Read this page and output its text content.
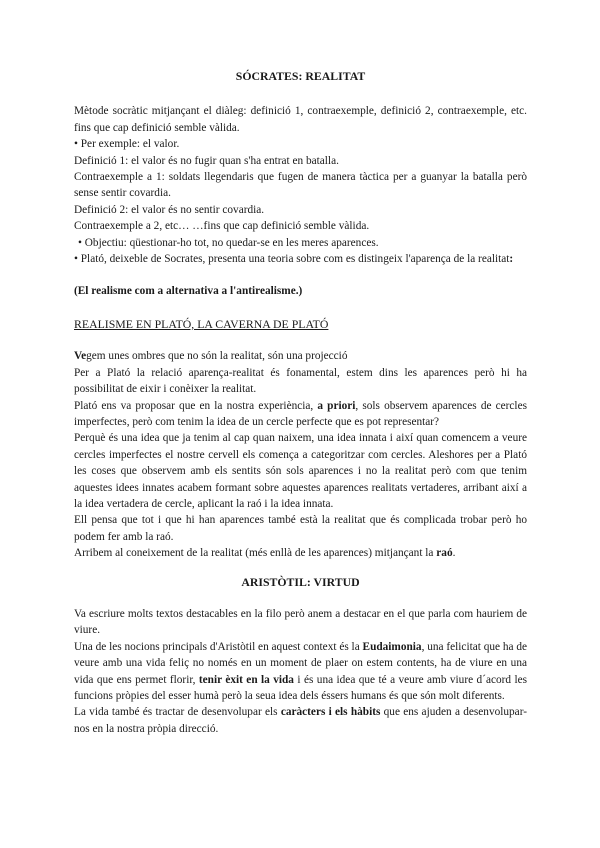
SÓCRATES: REALITAT

Mètode socràtic mitjançant el diàleg: definició 1, contraexemple, definició 2, contraexemple, etc. fins que cap definició semble vàlida.

• Per exemple: el valor.

Definició 1: el valor és no fugir quan s'ha entrat en batalla.

Contraexemple a 1: soldats llegendaris que fugen de manera tàctica per a guanyar la batalla però sense sentir covardia.

Definició 2: el valor és no sentir covardia.

Contraexemple a 2, etc… …fins que cap definició semble vàlida.

• Objectiu: qüestionar-ho tot, no quedar-se en les meres aparences.

• Plató, deixeble de Socrates, presenta una teoria sobre com es distingeix l'aparença de la realitat:

(El realisme com a alternativa a l'antirealisme.)

REALISME EN PLATÓ, LA CAVERNA DE PLATÓ

Vegem unes ombres que no són la realitat, són una projecció

Per a Plató la relació aparença-realitat és fonamental, estem dins les aparences però hi ha possibilitat de eixir i conèixer la realitat.

Plató ens va proposar que en la nostra experiència, a priori, sols observem aparences de cercles imperfectes, però com tenim la idea de un cercle perfecte que es pot representar?

Perquè és una idea que ja tenim al cap quan naixem, una idea innata i així quan comencem a veure cercles imperfectes el nostre cervell els comença a categoritzar com cercles. Aleshores per a Plató les coses que observem amb els sentits són sols aparences i no la realitat però com que tenim aquestes idees innates acabem formant sobre aquestes aparences realitats vertaderes, arribant així a la idea vertadera de cercle, aplicant la raó i la idea innata.

Ell pensa que tot i que hi han aparences també està la realitat que és complicada trobar però ho podem fer amb la raó.

Arribem al coneixement de la realitat (més enllà de les aparences) mitjançant la raó.

ARISTÒTIL: VIRTUD

Va escriure molts textos destacables en la filo però anem a destacar en el que parla com hauriem de viure.

Una de les nocions principals d'Aristòtil en aquest context és la Eudaimonia, una felicitat que ha de veure amb una vida feliç no només en un moment de plaer on estem contents, ha de viure en una vida que ens permet florir, tenir èxit en la vida i és una idea que té a veure amb viure d´acord les funcions pròpies del esser humà però la seua idea dels éssers humans és que són molt diferents.

La vida també és tractar de desenvolupar els caràcters i els hàbits que ens ajuden a desenvolupar-nos en la nostra pròpia direcció.
